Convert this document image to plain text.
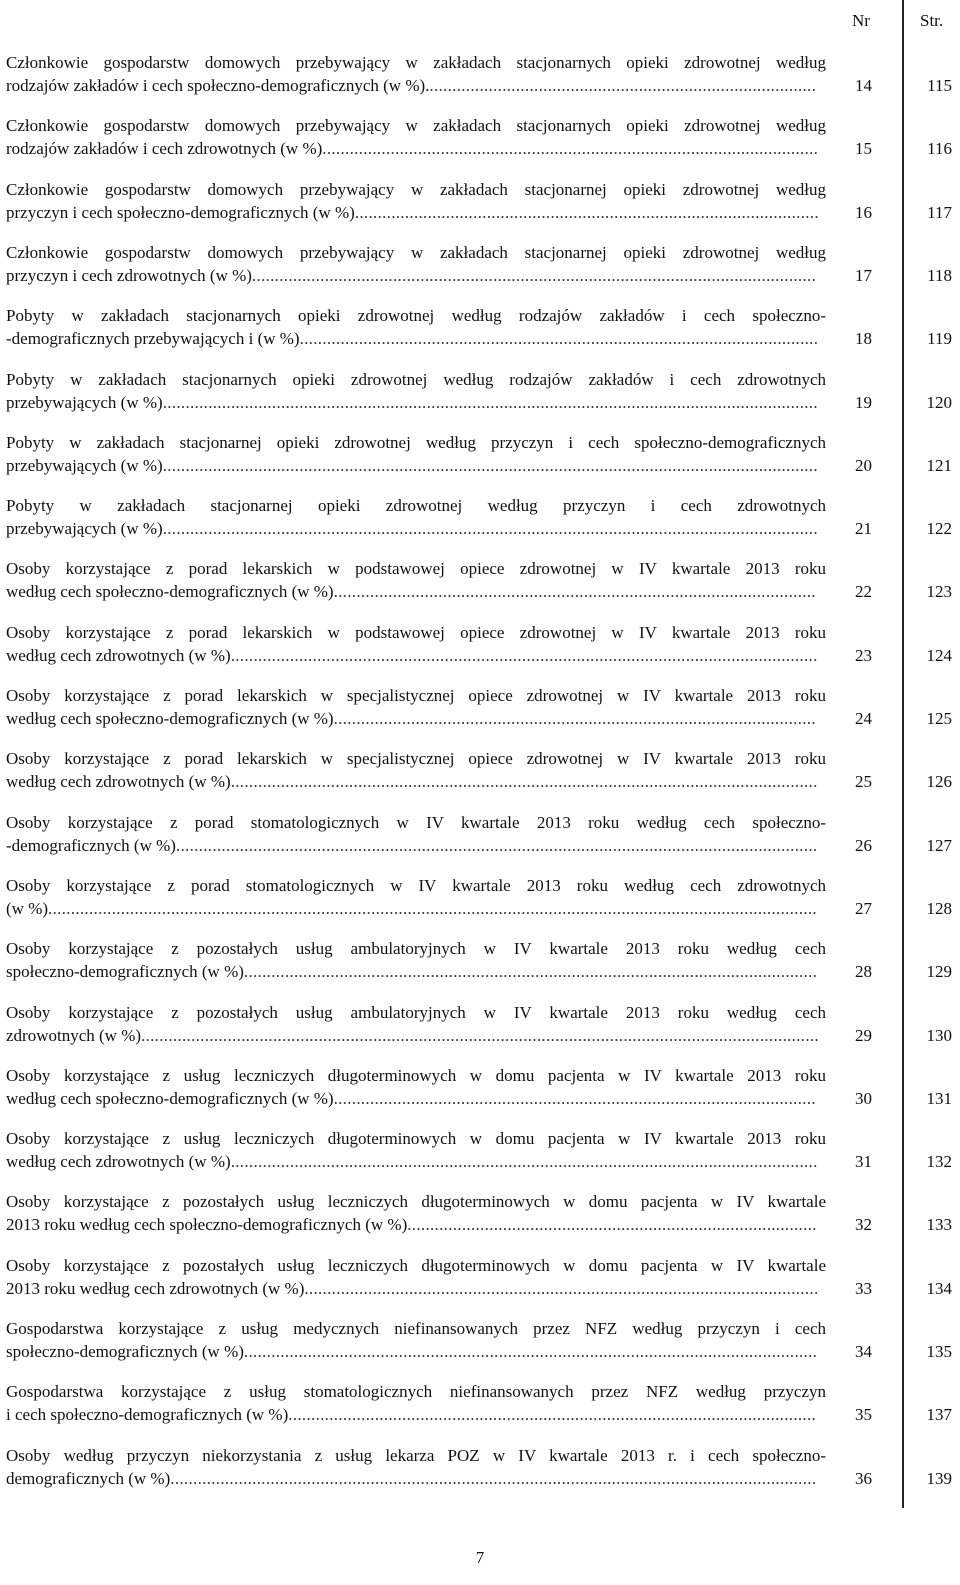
Nr	Str.
Członkowie gospodarstw domowych przebywający w zakładach stacjonarnych opieki zdrowotnej według
rodzajów zakładów i cech społeczno-demograficznych (w %)......................................................................................	14	115
Członkowie gospodarstw domowych przebywający w zakładach stacjonarnych opieki zdrowotnej według
rodzajów zakładów i cech zdrowotnych (w %).............................................................................................................	15	116
Członkowie gospodarstw domowych przebywający w zakładach stacjonarnej opieki zdrowotnej według
przyczyn i cech społeczno-demograficznych (w %)......................................................................................................	16	117
Członkowie gospodarstw domowych przebywający w zakładach stacjonarnej opieki zdrowotnej według
przyczyn i cech zdrowotnych (w %)............................................................................................................................	17	118
Pobyty w zakładach stacjonarnych opieki zdrowotnej według rodzajów zakładów i cech społeczno-
-demograficznych przebywających i (w %)..................................................................................................................	18	119
Pobyty w zakładach stacjonarnych opieki zdrowotnej według rodzajów zakładów i cech zdrowotnych
przebywających (w %)................................................................................................................................................	19	120
Pobyty w zakładach stacjonarnej opieki zdrowotnej według przyczyn i cech społeczno-demograficznych
przebywających (w %)................................................................................................................................................	20	121
Pobyty w zakładach stacjonarnej opieki zdrowotnej według przyczyn i cech zdrowotnych
przebywających (w %)................................................................................................................................................	21	122
Osoby korzystające z porad lekarskich w podstawowej opiece zdrowotnej w IV kwartale 2013 roku
według cech społeczno-demograficznych (w %)..........................................................................................................	22	123
Osoby korzystające z porad lekarskich w podstawowej opiece zdrowotnej w IV kwartale 2013 roku
według cech zdrowotnych (w %).................................................................................................................................	23	124
Osoby korzystające z porad lekarskich w specjalistycznej opiece zdrowotnej w IV kwartale 2013 roku
według cech społeczno-demograficznych (w %)..........................................................................................................	24	125
Osoby korzystające z porad lekarskich w specjalistycznej opiece zdrowotnej w IV kwartale 2013 roku
według cech zdrowotnych (w %).................................................................................................................................	25	126
Osoby korzystające z porad stomatologicznych w IV kwartale 2013 roku według cech społeczno-
-demograficznych (w %).............................................................................................................................................	26	127
Osoby korzystające z porad stomatologicznych w IV kwartale 2013 roku według cech zdrowotnych
(w %).........................................................................................................................................................................	27	128
Osoby korzystające z pozostałych usług ambulatoryjnych w IV kwartale 2013 roku według cech
społeczno-demograficznych (w %)..............................................................................................................................	28	129
Osoby korzystające z pozostałych usług ambulatoryjnych w IV kwartale 2013 roku według cech
zdrowotnych (w %).....................................................................................................................................................	29	130
Osoby korzystające z usług leczniczych długoterminowych w domu pacjenta w IV kwartale 2013 roku
według cech społeczno-demograficznych (w %)..........................................................................................................	30	131
Osoby korzystające z usług leczniczych długoterminowych w domu pacjenta w IV kwartale 2013 roku
według cech zdrowotnych (w %).................................................................................................................................	31	132
Osoby korzystające z pozostałych usług leczniczych długoterminowych w domu pacjenta w IV kwartale
2013 roku według cech społeczno-demograficznych (w %)..........................................................................................	32	133
Osoby korzystające z pozostałych usług leczniczych długoterminowych w domu pacjenta w IV kwartale
2013 roku według cech zdrowotnych (w %).................................................................................................................	33	134
Gospodarstwa korzystające z usług medycznych niefinansowanych przez NFZ według przyczyn i cech
społeczno-demograficznych (w %)..............................................................................................................................	34	135
Gospodarstwa korzystające z usług stomatologicznych niefinansowanych przez NFZ według przyczyn
i cech społeczno-demograficznych (w %)....................................................................................................................	35	137
Osoby według przyczyn niekorzystania z usług lekarza POZ w IV kwartale 2013 r. i cech społeczno-
demograficznych (w %)..............................................................................................................................................	36	139
7
